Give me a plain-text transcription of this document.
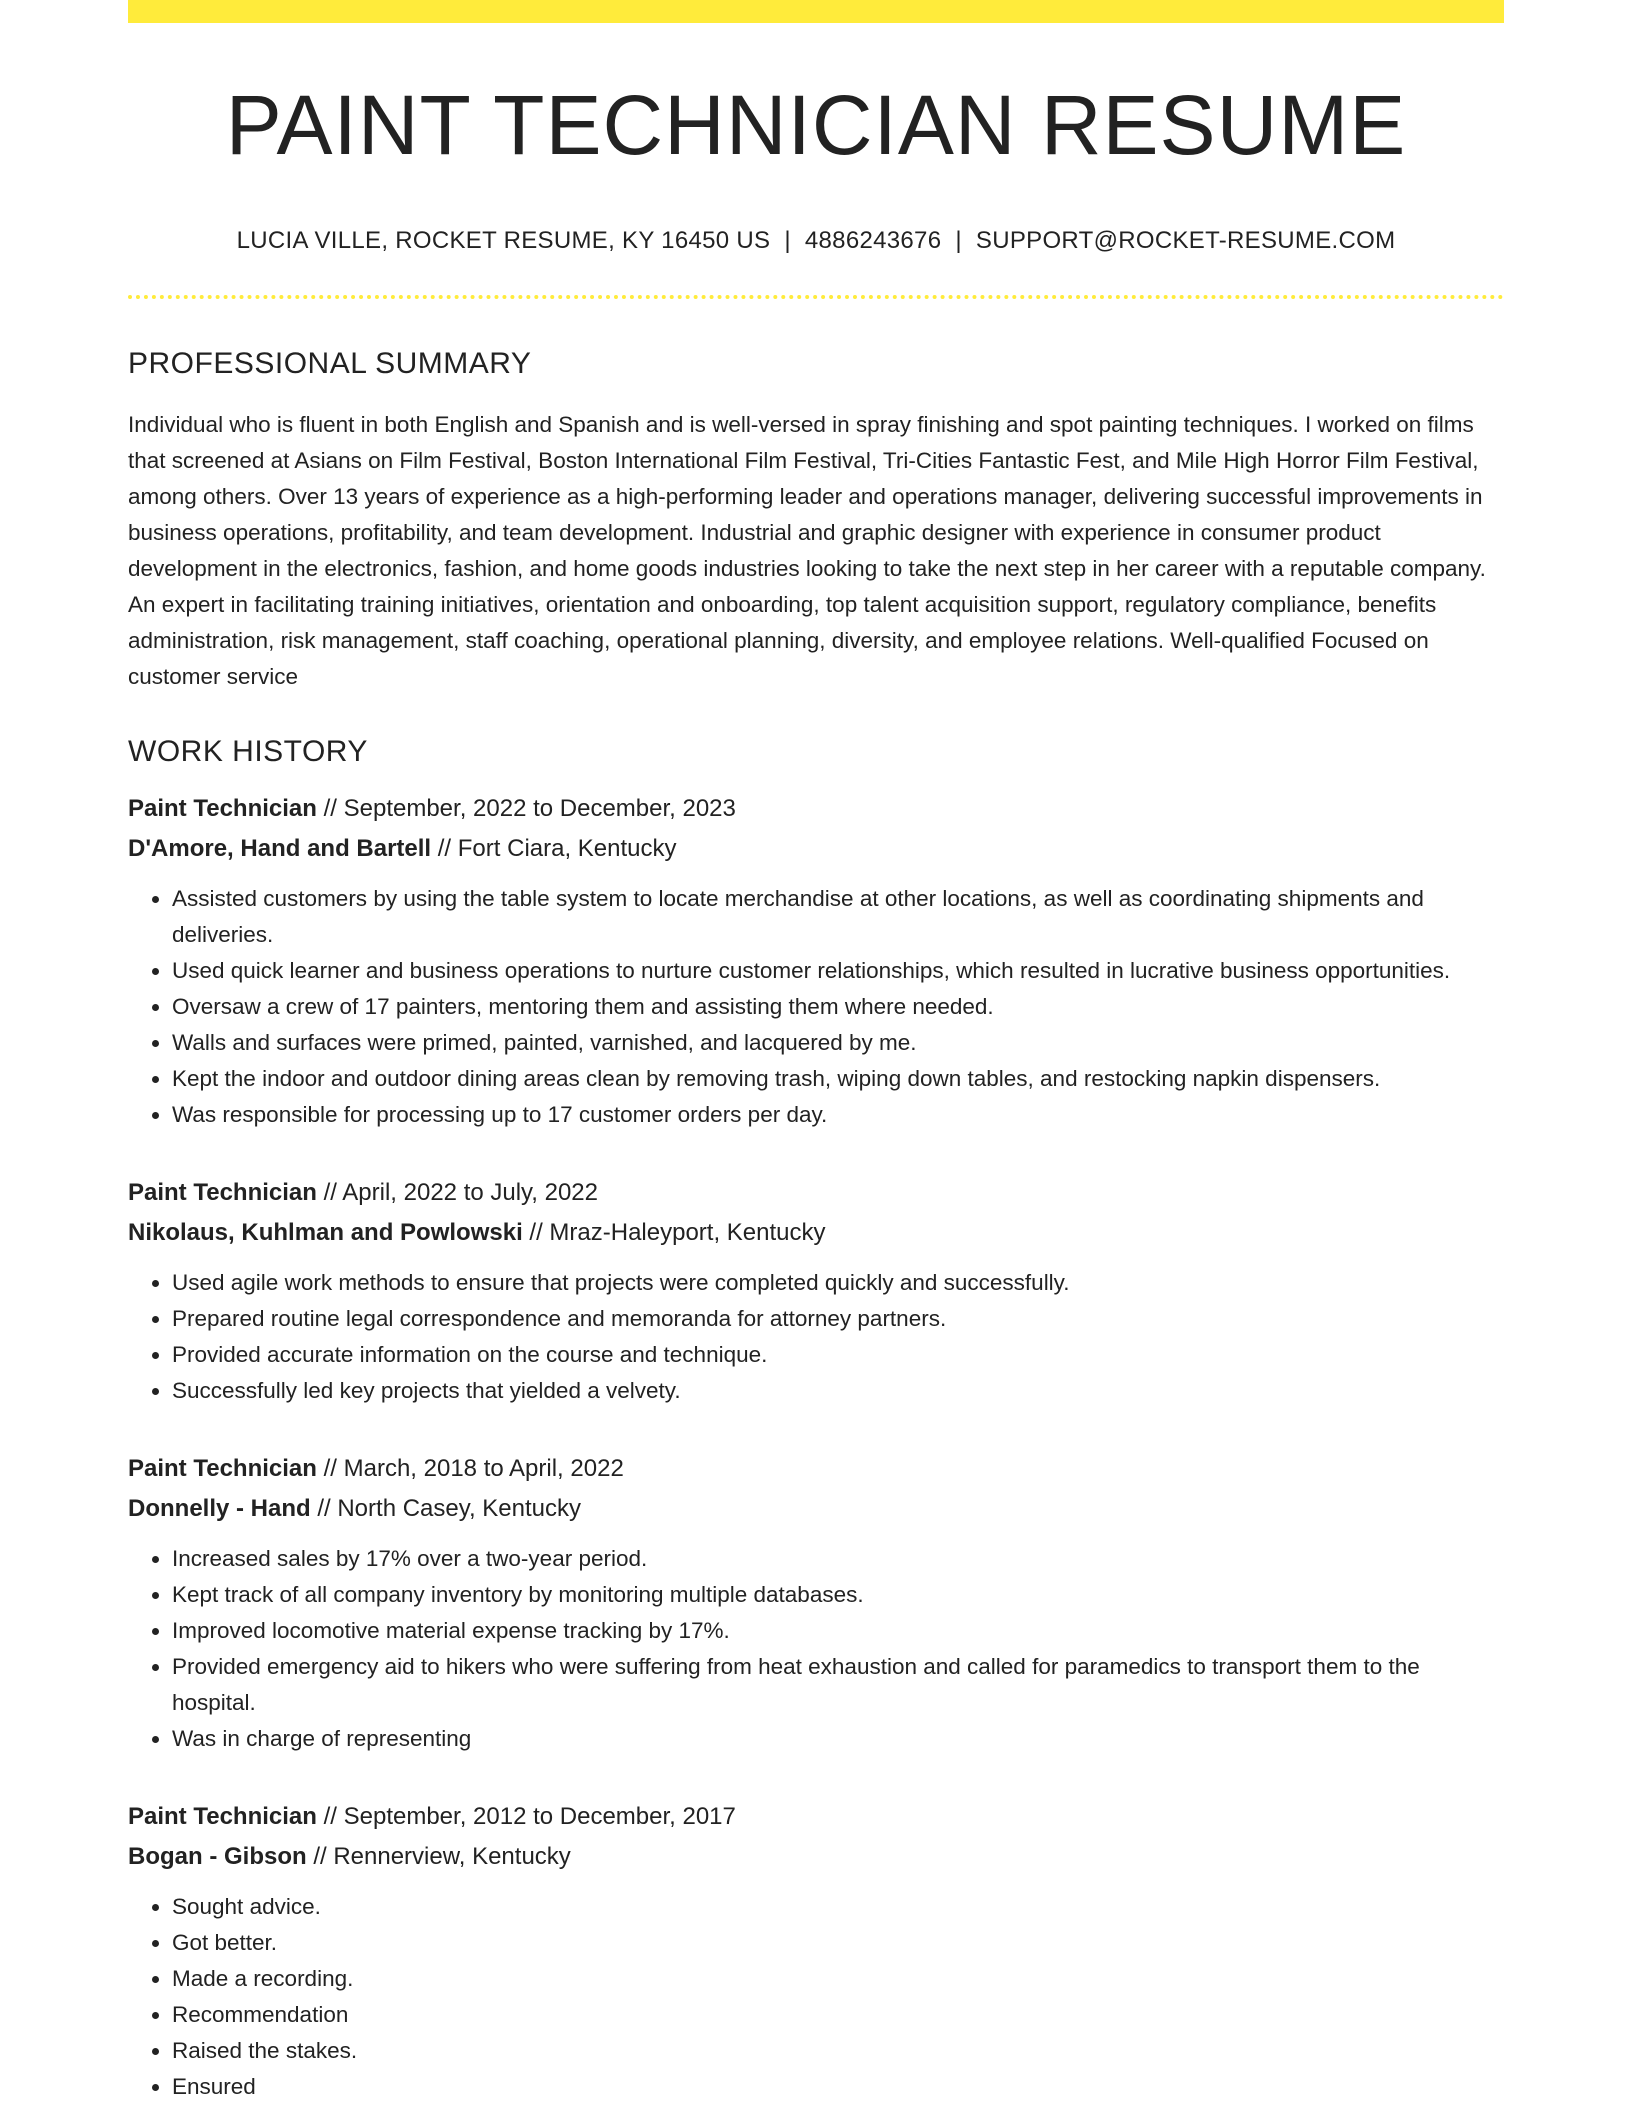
PAINT TECHNICIAN RESUME
LUCIA VILLE, ROCKET RESUME, KY 16450 US | 4886243676 | SUPPORT@ROCKET-RESUME.COM
PROFESSIONAL SUMMARY

Individual who is fluent in both English and Spanish and is well-versed in spray finishing and spot painting techniques. I worked on films that screened at Asians on Film Festival, Boston International Film Festival, Tri-Cities Fantastic Fest, and Mile High Horror Film Festival, among others. Over 13 years of experience as a high-performing leader and operations manager, delivering successful improvements in business operations, profitability, and team development. Industrial and graphic designer with experience in consumer product development in the electronics, fashion, and home goods industries looking to take the next step in her career with a reputable company. An expert in facilitating training initiatives, orientation and onboarding, top talent acquisition support, regulatory compliance, benefits administration, risk management, staff coaching, operational planning, diversity, and employee relations. Well-qualified Focused on customer service

WORK HISTORY
Paint Technician // September, 2022 to December, 2023
D'Amore, Hand and Bartell // Fort Ciara, Kentucky
• Assisted customers by using the table system to locate merchandise at other locations, as well as coordinating shipments and deliveries.
• Used quick learner and business operations to nurture customer relationships, which resulted in lucrative business opportunities.
• Oversaw a crew of 17 painters, mentoring them and assisting them where needed.
• Walls and surfaces were primed, painted, varnished, and lacquered by me.
• Kept the indoor and outdoor dining areas clean by removing trash, wiping down tables, and restocking napkin dispensers.
• Was responsible for processing up to 17 customer orders per day.
Paint Technician // April, 2022 to July, 2022
Nikolaus, Kuhlman and Powlowski // Mraz-Haleyport, Kentucky
• Used agile work methods to ensure that projects were completed quickly and successfully.
• Prepared routine legal correspondence and memoranda for attorney partners.
• Provided accurate information on the course and technique.
• Successfully led key projects that yielded a velvety.
Paint Technician // March, 2018 to April, 2022
Donnelly - Hand // North Casey, Kentucky
• Increased sales by 17% over a two-year period.
• Kept track of all company inventory by monitoring multiple databases.
• Improved locomotive material expense tracking by 17%.
• Provided emergency aid to hikers who were suffering from heat exhaustion and called for paramedics to transport them to the hospital.
• Was in charge of representing
Paint Technician // September, 2012 to December, 2017
Bogan - Gibson // Rennerview, Kentucky
• Sought advice.
• Got better.
• Made a recording.
• Recommendation
• Raised the stakes.
• Ensured
